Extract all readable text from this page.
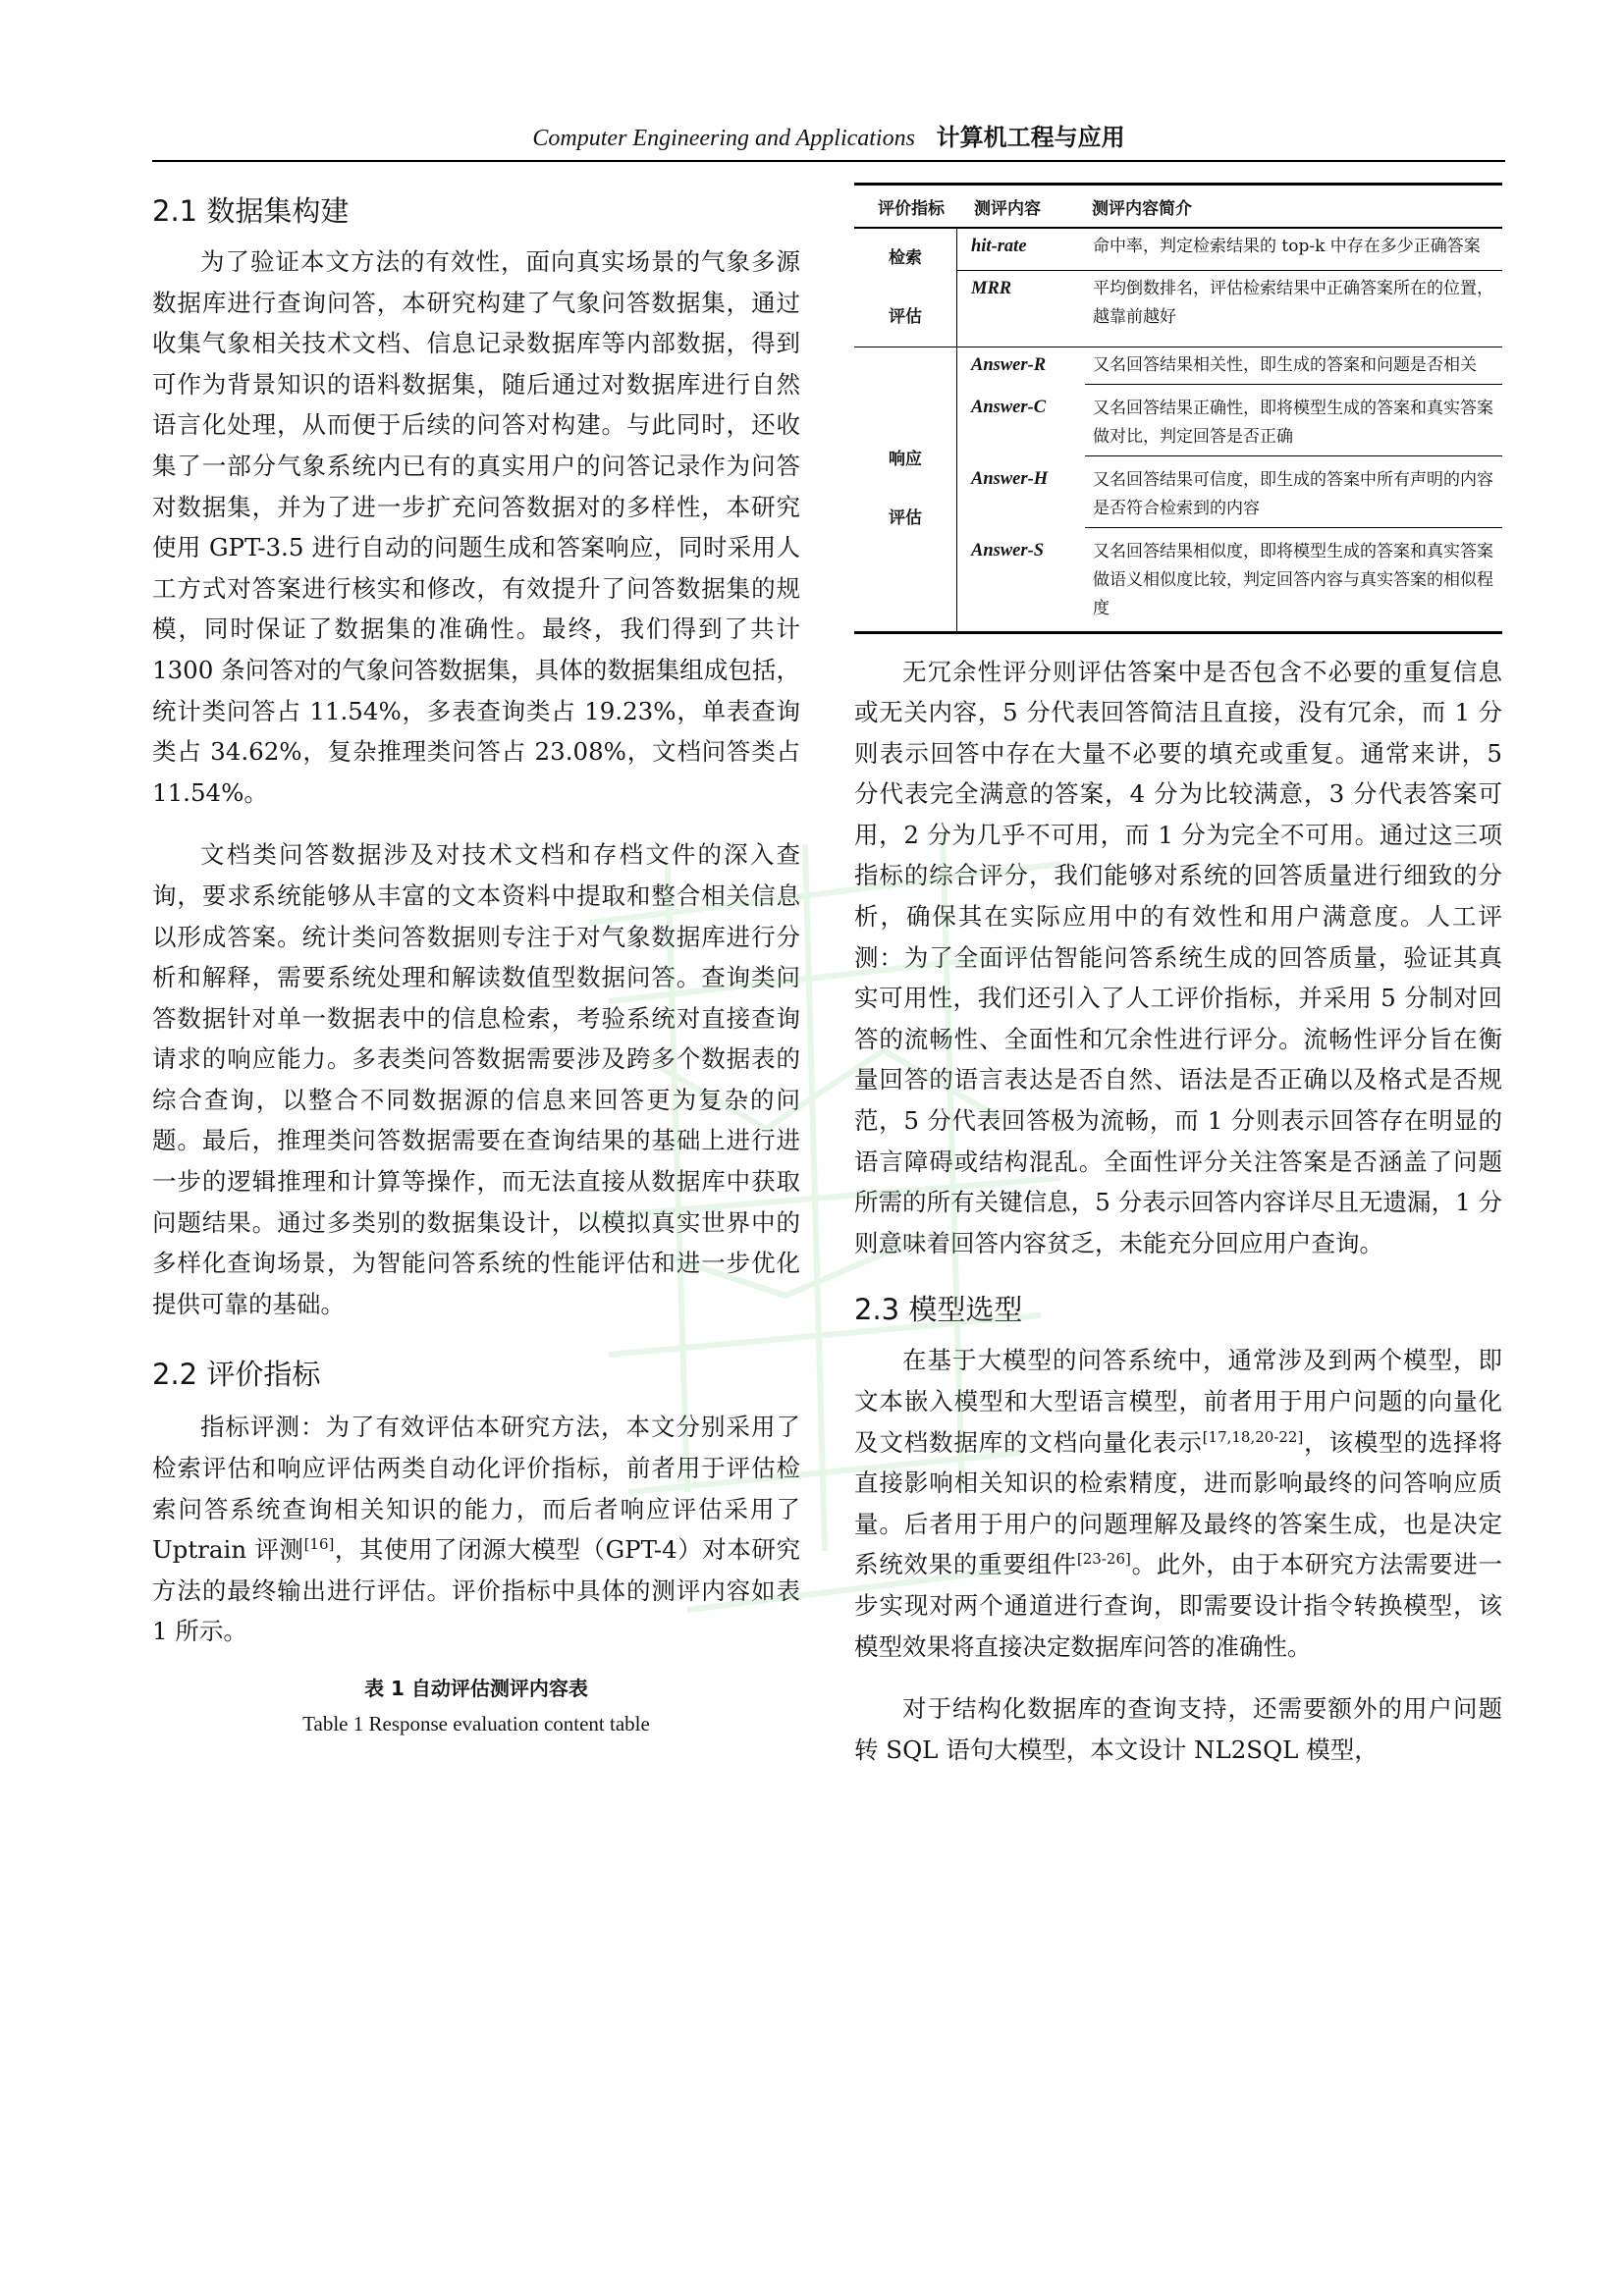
Computer Engineering and Applications 计算机工程与应用
2.1 数据集构建

为了验证本文方法的有效性，面向真实场景的气象多源数据库进行查询问答，本研究构建了气象问答数据集，通过收集气象相关技术文档、信息记录数据库等内部数据，得到可作为背景知识的语料数据集，随后通过对数据库进行自然语言化处理，从而便于后续的问答对构建。与此同时，还收集了一部分气象系统内已有的真实用户的问答记录作为问答对数据集，并为了进一步扩充问答数据对的多样性，本研究使用 GPT-3.5 进行自动的问题生成和答案响应，同时采用人工方式对答案进行核实和修改，有效提升了问答数据集的规模，同时保证了数据集的准确性。最终，我们得到了共计 1300 条问答对的气象问答数据集，具体的数据集组成包括，统计类问答占 11.54%，多表查询类占 19.23%，单表查询类占 34.62%，复杂推理类问答占 23.08%，文档问答类占 11.54%。

文档类问答数据涉及对技术文档和存档文件的深入查询，要求系统能够从丰富的文本资料中提取和整合相关信息以形成答案。统计类问答数据则专注于对气象数据库进行分析和解释，需要系统处理和解读数值型数据问答。查询类问答数据针对单一数据表中的信息检索，考验系统对直接查询请求的响应能力。多表类问答数据需要涉及跨多个数据表的综合查询，以整合不同数据源的信息来回答更为复杂的问题。最后，推理类问答数据需要在查询结果的基础上进行进一步的逻辑推理和计算等操作，而无法直接从数据库中获取问题结果。通过多类别的数据集设计，以模拟真实世界中的多样化查询场景，为智能问答系统的性能评估和进一步优化提供可靠的基础。

2.2 评价指标

指标评测：为了有效评估本研究方法，本文分别采用了检索评估和响应评估两类自动化评价指标，前者用于评估检索问答系统查询相关知识的能力，而后者响应评估采用了 Uptrain 评测[16]，其使用了闭源大模型（GPT-4）对本研究方法的最终输出进行评估。评价指标中具体的测评内容如表 1 所示。

表 1 自动评估测评内容表
Table 1 Response evaluation content table
评价指标	测评内容	测评内容简介
检索
评估	hit-rate	命中率，判定检索结果的 top-k 中存在多少正确答案
	MRR	平均倒数排名，评估检索结果中正确答案所在的位置，越靠前越好

响应
评估	Answer-R	又名回答结果相关性，即生成的答案和问题是否相关
	Answer-C	又名回答结果正确性，即将模型生成的答案和真实答案做对比，判定回答是否正确
	Answer-H	又名回答结果可信度，即生成的答案中所有声明的内容是否符合检索到的内容
	Answer-S	又名回答结果相似度，即将模型生成的答案和真实答案做语义相似度比较，判定回答内容与真实答案的相似程度

无冗余性评分则评估答案中是否包含不必要的重复信息或无关内容，5 分代表回答简洁且直接，没有冗余，而 1 分则表示回答中存在大量不必要的填充或重复。通常来讲，5 分代表完全满意的答案，4 分为比较满意，3 分代表答案可用，2 分为几乎不可用，而 1 分为完全不可用。通过这三项指标的综合评分，我们能够对系统的回答质量进行细致的分析，确保其在实际应用中的有效性和用户满意度。人工评测：为了全面评估智能问答系统生成的回答质量，验证其真实可用性，我们还引入了人工评价指标，并采用 5 分制对回答的流畅性、全面性和冗余性进行评分。流畅性评分旨在衡量回答的语言表达是否自然、语法是否正确以及格式是否规范，5 分代表回答极为流畅，而 1 分则表示回答存在明显的语言障碍或结构混乱。全面性评分关注答案是否涵盖了问题所需的所有关键信息，5 分表示回答内容详尽且无遗漏，1 分则意味着回答内容贫乏，未能充分回应用户查询。

2.3 模型选型

在基于大模型的问答系统中，通常涉及到两个模型，即文本嵌入模型和大型语言模型，前者用于用户问题的向量化及文档数据库的文档向量化表示[17,18,20-22]，该模型的选择将直接影响相关知识的检索精度，进而影响最终的问答响应质量。后者用于用户的问题理解及最终的答案生成，也是决定系统效果的重要组件[23-26]。此外，由于本研究方法需要进一步实现对两个通道进行查询，即需要设计指令转换模型，该模型效果将直接决定数据库问答的准确性。

对于结构化数据库的查询支持，还需要额外的用户问题转 SQL 语句大模型，本文设计 NL2SQL 模型，
